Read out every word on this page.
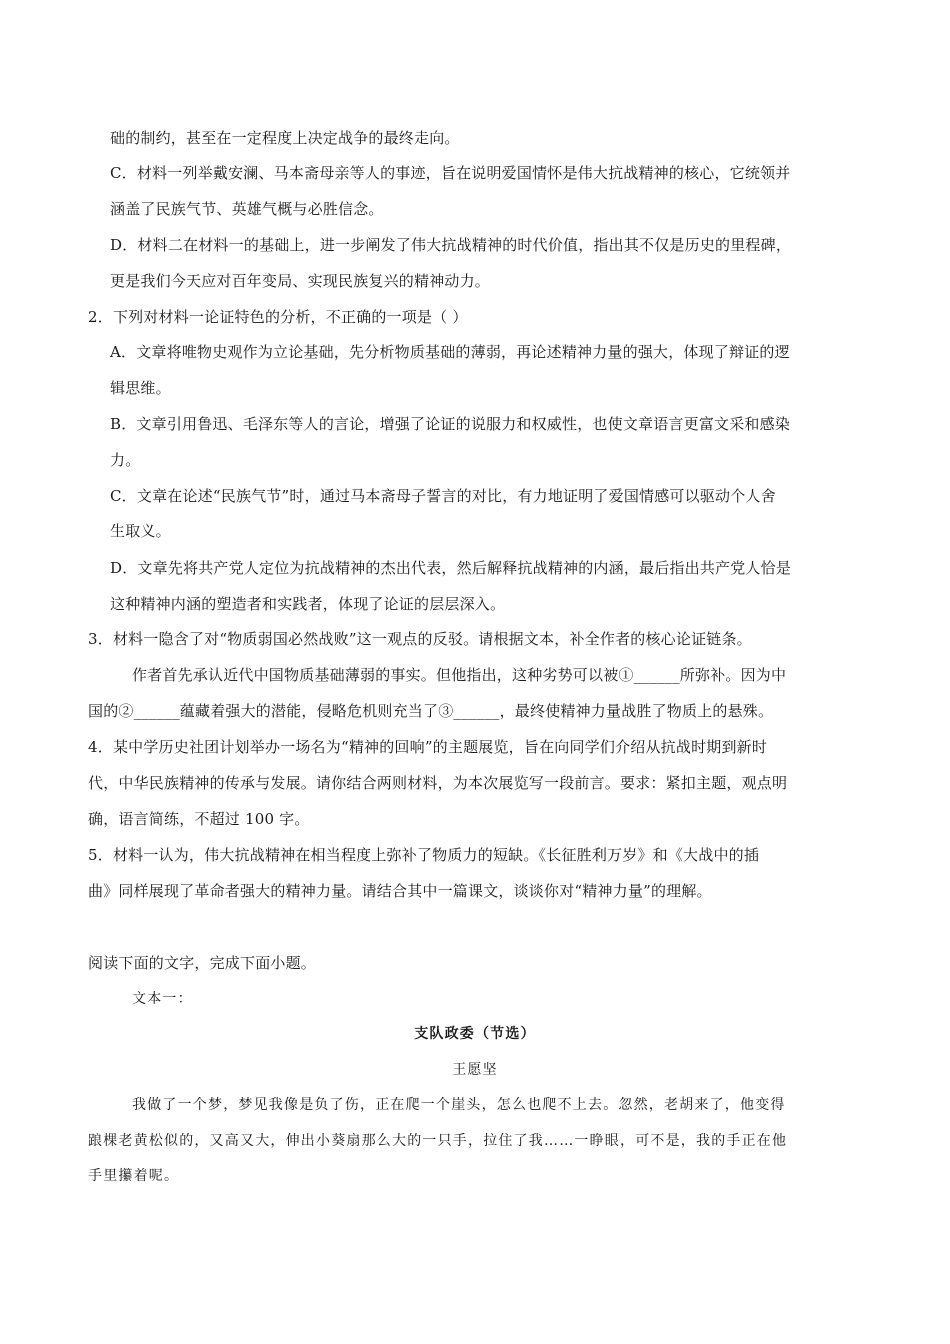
础的制约，甚至在一定程度上决定战争的最终走向。
C．材料一列举戴安澜、马本斋母亲等人的事迹，旨在说明爱国情怀是伟大抗战精神的核心，它统领并
涵盖了民族气节、英雄气概与必胜信念。
D．材料二在材料一的基础上，进一步阐发了伟大抗战精神的时代价值，指出其不仅是历史的里程碑，
更是我们今天应对百年变局、实现民族复兴的精神动力。
2．下列对材料一论证特色的分析，不正确的一项是（ ）
A．文章将唯物史观作为立论基础，先分析物质基础的薄弱，再论述精神力量的强大，体现了辩证的逻
辑思维。
B．文章引用鲁迅、毛泽东等人的言论，增强了论证的说服力和权威性，也使文章语言更富文采和感染
力。
C．文章在论述“民族气节”时，通过马本斋母子誓言的对比，有力地证明了爱国情感可以驱动个人舍
生取义。
D．文章先将共产党人定位为抗战精神的杰出代表，然后解释抗战精神的内涵，最后指出共产党人恰是
这种精神内涵的塑造者和实践者，体现了论证的层层深入。
3．材料一隐含了对“物质弱国必然战败”这一观点的反驳。请根据文本，补全作者的核心论证链条。
作者首先承认近代中国物质基础薄弱的事实。但他指出，这种劣势可以被①______所弥补。因为中
国的②______蕴藏着强大的潜能，侵略危机则充当了③______，最终使精神力量战胜了物质上的悬殊。
4．某中学历史社团计划举办一场名为“精神的回响”的主题展览，旨在向同学们介绍从抗战时期到新时
代，中华民族精神的传承与发展。请你结合两则材料，为本次展览写一段前言。要求：紧扣主题，观点明
确，语言简练，不超过 100 字。
5．材料一认为，伟大抗战精神在相当程度上弥补了物质力的短缺。《长征胜利万岁》和《大战中的插
曲》同样展现了革命者强大的精神力量。请结合其中一篇课文，谈谈你对“精神力量”的理解。
阅读下面的文字，完成下面小题。
文本一：
支队政委（节选）
王愿坚
我做了一个梦，梦见我像是负了伤，正在爬一个崖头，怎么也爬不上去。忽然，老胡来了，他变得
踉棵老黄松似的，又高又大，伸出小葵扇那么大的一只手，拉住了我……一睁眼，可不是，我的手正在他
手里攥着呢。
